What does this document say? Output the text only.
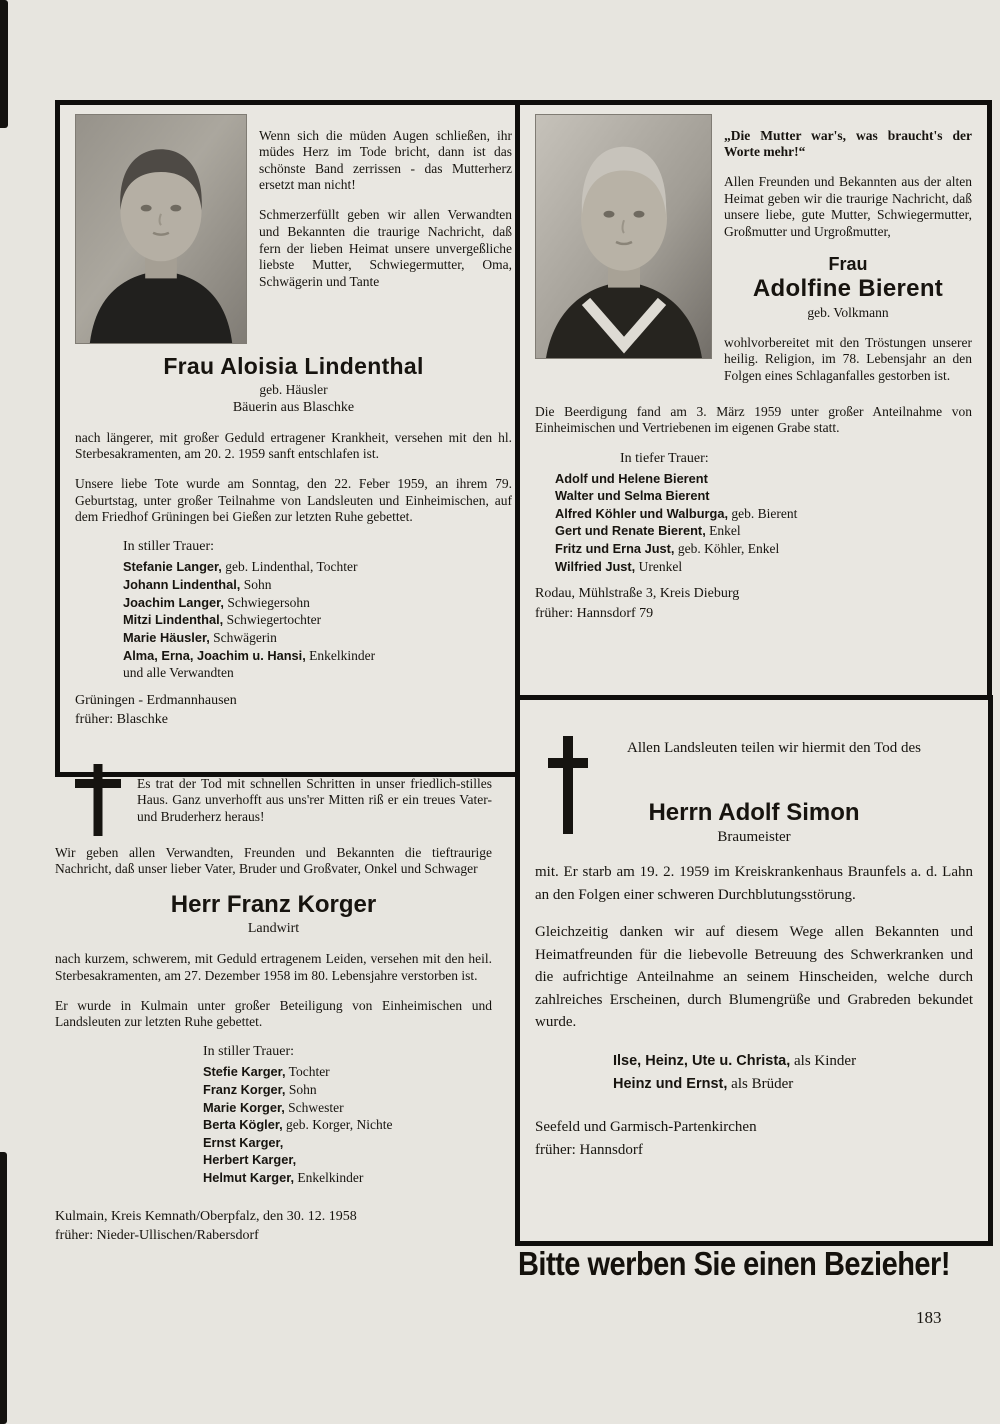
Wenn sich die müden Augen schließen, ihr müdes Herz im Tode bricht, dann ist das schönste Band zerrissen - das Mutterherz ersetzt man nicht!

Schmerzerfüllt geben wir allen Verwandten und Bekannten die traurige Nachricht, daß fern der lieben Heimat unsere unvergeßliche liebste Mutter, Schwiegermutter, Oma, Schwägerin und Tante

Frau Aloisia Lindenthal
geb. Häusler
Bäuerin aus Blaschke

nach längerer, mit großer Geduld ertragener Krankheit, versehen mit den hl. Sterbesakramenten, am 20. 2. 1959 sanft entschlafen ist.

Unsere liebe Tote wurde am Sonntag, den 22. Feber 1959, an ihrem 79. Geburtstag, unter großer Teilnahme von Landsleuten und Einheimischen, auf dem Friedhof Grüningen bei Gießen zur letzten Ruhe gebettet.

In stiller Trauer:
Stefanie Langer, geb. Lindenthal, Tochter
Johann Lindenthal, Sohn
Joachim Langer, Schwiegersohn
Mitzi Lindenthal, Schwiegertochter
Marie Häusler, Schwägerin
Alma, Erna, Joachim u. Hansi, Enkelkinder
und alle Verwandten
Grüningen - Erdmannhausen
früher: Blaschke

„Die Mutter war's, was braucht's der Worte mehr!“

Allen Freunden und Bekannten aus der alten Heimat geben wir die traurige Nachricht, daß unsere liebe, gute Mutter, Schwiegermutter, Großmutter und Urgroßmutter,

Frau
Adolfine Bierent
geb. Volkmann

wohlvorbereitet mit den Tröstungen unserer heilig. Religion, im 78. Lebensjahr an den Folgen eines Schlaganfalles gestorben ist.

Die Beerdigung fand am 3. März 1959 unter großer Anteilnahme von Einheimischen und Vertriebenen im eigenen Grabe statt.

In tiefer Trauer:
Adolf und Helene Bierent
Walter und Selma Bierent
Alfred Köhler und Walburga, geb. Bierent
Gert und Renate Bierent, Enkel
Fritz und Erna Just, geb. Köhler, Enkel
Wilfried Just, Urenkel
Rodau, Mühlstraße 3, Kreis Dieburg
früher: Hannsdorf 79

Es trat der Tod mit schnellen Schritten in unser friedlich-stilles Haus. Ganz unverhofft aus uns'rer Mitten riß er ein treues Vater- und Bruderherz heraus!

Wir geben allen Verwandten, Freunden und Bekannten die tieftraurige Nachricht, daß unser lieber Vater, Bruder und Großvater, Onkel und Schwager

Herr Franz Korger
Landwirt

nach kurzem, schwerem, mit Geduld ertragenem Leiden, versehen mit den heil. Sterbesakramenten, am 27. Dezember 1958 im 80. Lebensjahre verstorben ist.

Er wurde in Kulmain unter großer Beteiligung von Einheimischen und Landsleuten zur letzten Ruhe gebettet.

In stiller Trauer:
Stefie Karger, Tochter
Franz Korger, Sohn
Marie Korger, Schwester
Berta Kögler, geb. Korger, Nichte
Ernst Karger,
Herbert Karger,
Helmut Karger, Enkelkinder
Kulmain, Kreis Kemnath/Oberpfalz, den 30. 12. 1958
früher: Nieder-Ullischen/Rabersdorf

Allen Landsleuten teilen wir hiermit den Tod des

Herrn Adolf Simon
Braumeister

mit. Er starb am 19. 2. 1959 im Kreiskrankenhaus Braunfels a. d. Lahn an den Folgen einer schweren Durchblutungsstörung.

Gleichzeitig danken wir auf diesem Wege allen Bekannten und Heimatfreunden für die liebevolle Betreuung des Schwerkranken und die aufrichtige Anteilnahme an seinem Hinscheiden, welche durch zahlreiches Erscheinen, durch Blumengrüße und Grabreden bekundet wurde.

Ilse, Heinz, Ute u. Christa, als Kinder
Heinz und Ernst, als Brüder
Seefeld und Garmisch-Partenkirchen
früher: Hannsdorf
Bitte werben Sie einen Bezieher!
183
